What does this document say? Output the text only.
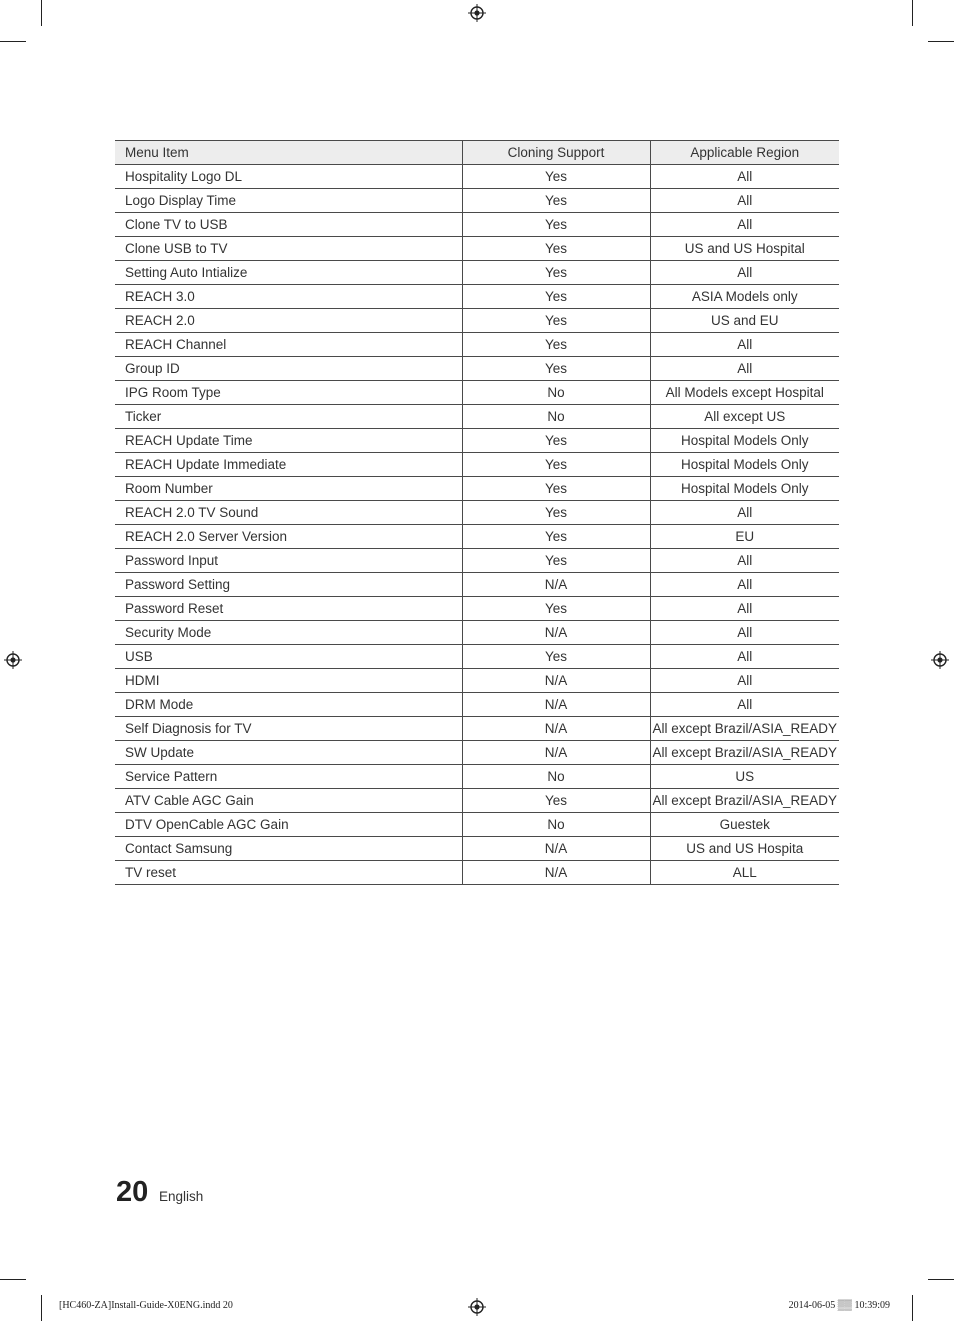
Menu Item	Cloning Support	Applicable Region
Hospitality Logo DL	Yes	All
Logo Display Time	Yes	All
Clone TV to USB	Yes	All
Clone USB to TV	Yes	US and US Hospital
Setting Auto Intialize	Yes	All
REACH 3.0	Yes	ASIA Models only
REACH 2.0	Yes	US and EU
REACH Channel	Yes	All
Group ID	Yes	All
IPG Room Type	No	All Models except Hospital
Ticker	No	All except US
REACH Update Time	Yes	Hospital Models Only
REACH Update Immediate	Yes	Hospital Models Only
Room Number	Yes	Hospital Models Only
REACH 2.0 TV Sound	Yes	All
REACH 2.0 Server Version	Yes	EU
Password Input	Yes	All
Password Setting	N/A	All
Password Reset	Yes	All
Security Mode	N/A	All
USB	Yes	All
HDMI	N/A	All
DRM Mode	N/A	All
Self Diagnosis for TV	N/A	All except Brazil/ASIA_READY
SW Update	N/A	All except Brazil/ASIA_READY
Service Pattern	No	US
ATV Cable AGC Gain	Yes	All except Brazil/ASIA_READY
DTV OpenCable AGC Gain	No	Guestek
Contact Samsung	N/A	US and US Hospita
TV reset	N/A	ALL
20 English
[HC460-ZA]Install-Guide-X0ENG.indd 20	2014-06-05 ▒▒ 10:39:09
